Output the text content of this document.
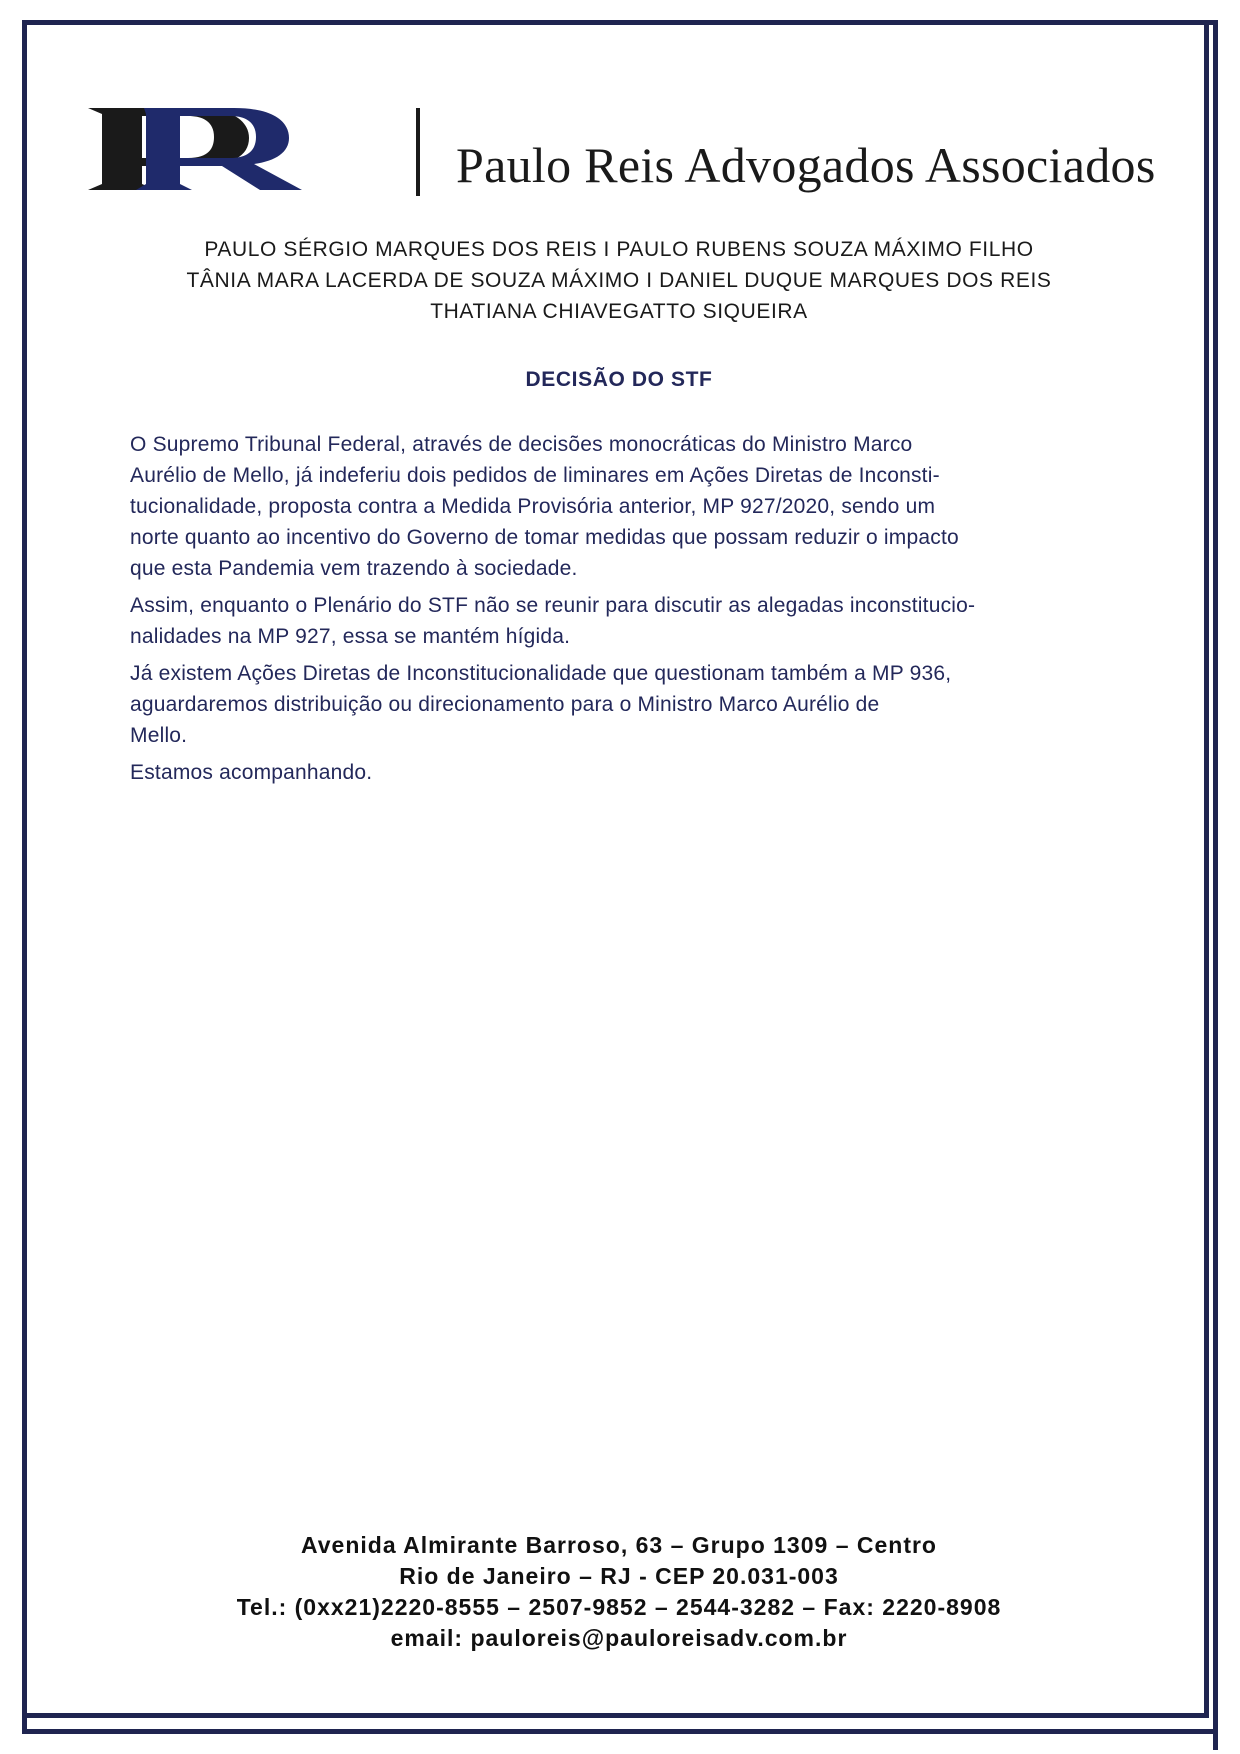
Paulo Reis Advogados Associados
PAULO SÉRGIO MARQUES DOS REIS I PAULO RUBENS SOUZA MÁXIMO FILHO
TÂNIA MARA LACERDA DE SOUZA MÁXIMO I DANIEL DUQUE MARQUES DOS REIS
THATIANA CHIAVEGATTO SIQUEIRA
DECISÃO DO STF

O Supremo Tribunal Federal, através de decisões monocráticas do Ministro Marco
Aurélio de Mello, já indeferiu dois pedidos de liminares em Ações Diretas de Inconsti-
tucionalidade, proposta contra a Medida Provisória anterior, MP 927/2020, sendo um
norte quanto ao incentivo do Governo de tomar medidas que possam reduzir o impacto
que esta Pandemia vem trazendo à sociedade.

Assim, enquanto o Plenário do STF não se reunir para discutir as alegadas inconstitucio-
nalidades na MP 927, essa se mantém hígida.

Já existem Ações Diretas de Inconstitucionalidade que questionam também a MP 936,
aguardaremos distribuição ou direcionamento para o Ministro Marco Aurélio de
Mello.

Estamos acompanhando.

Avenida Almirante Barroso, 63 – Grupo 1309 – Centro
Rio de Janeiro – RJ - CEP 20.031-003
Tel.: (0xx21)2220-8555 – 2507-9852 – 2544-3282 – Fax: 2220-8908
email: pauloreis@pauloreisadv.com.br
